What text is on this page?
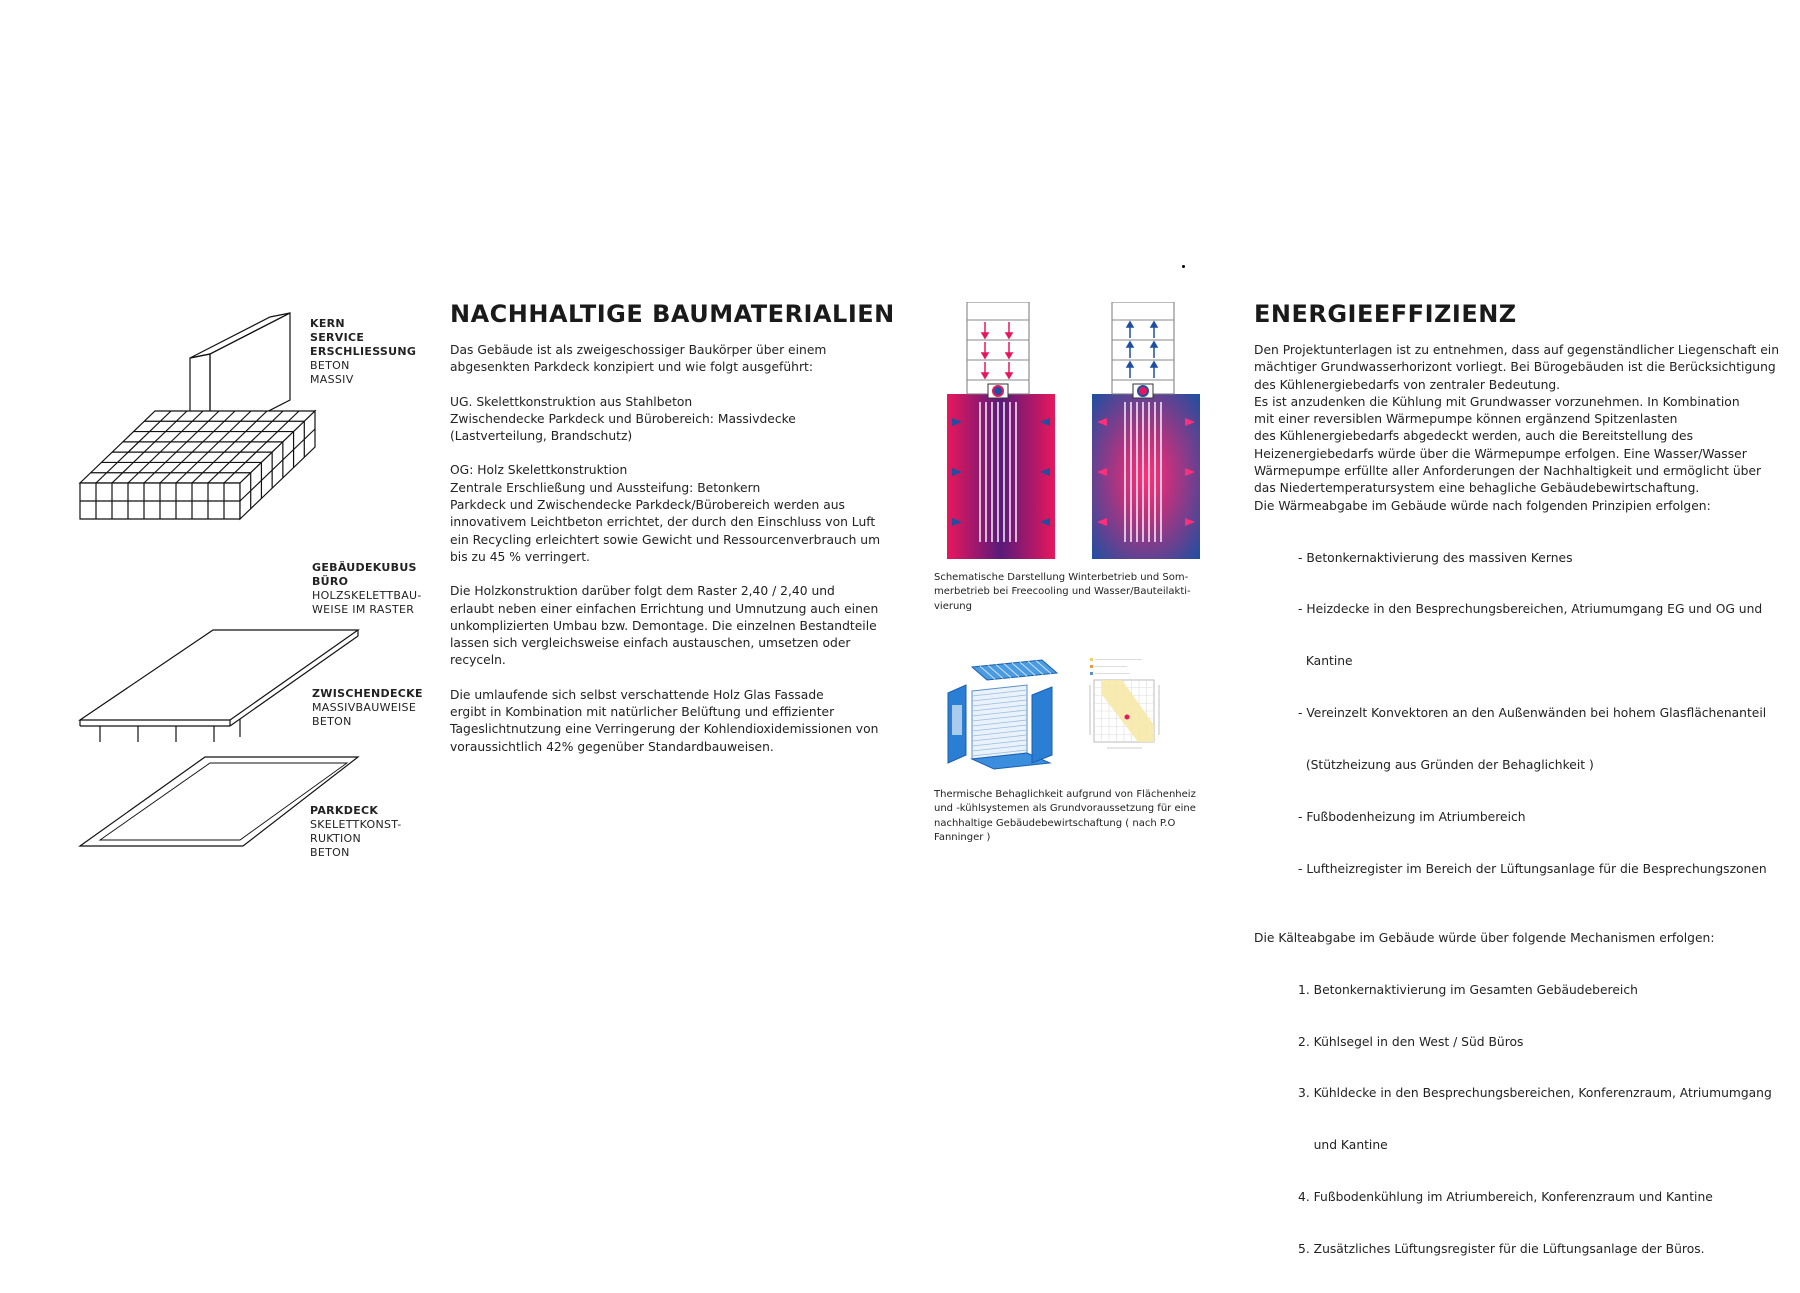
KERN
SERVICE
ERSCHLIESSUNG
BETON
MASSIV
GEBÄUDEKUBUS
BÜRO
HOLZSKELETTBAU-
WEISE IM RASTER
ZWISCHENDECKE
MASSIVBAUWEISE
BETON
PARKDECK
SKELETTKONST-
RUKTION
BETON
NACHHALTIGE BAUMATERIALIEN

Das Gebäude ist als zweigeschossiger Baukörper über einem
abgesenkten Parkdeck konzipiert und wie folgt ausgeführt:

UG. Skelettkonstruktion aus Stahlbeton
Zwischendecke Parkdeck und Bürobereich: Massivdecke
(Lastverteilung, Brandschutz)

OG: Holz Skelettkonstruktion
Zentrale Erschließung und Aussteifung: Betonkern
Parkdeck und Zwischendecke Parkdeck/Bürobereich werden aus
innovativem Leichtbeton errichtet, der durch den Einschluss von Luft
ein Recycling erleichtert sowie Gewicht und Ressourcenverbrauch um
bis zu 45 % verringert.

Die Holzkonstruktion darüber folgt dem Raster 2,40 / 2,40 und
erlaubt neben einer einfachen Errichtung und Umnutzung auch einen
unkomplizierten Umbau bzw. Demontage. Die einzelnen Bestandteile
lassen sich vergleichsweise einfach austauschen, umsetzen oder
recyceln.

Die umlaufende sich selbst verschattende Holz Glas Fassade
ergibt in Kombination mit natürlicher Belüftung und effizienter
Tageslichtnutzung eine Verringerung der Kohlendioxidemissionen von
voraussichtlich 42% gegenüber Standardbauweisen.

Schematische Darstellung Winterbetrieb und Som-
merbetrieb bei Freecooling und Wasser/Bauteilakti-
vierung
Thermische Behaglichkeit aufgrund von Flächenheiz
und -kühlsystemen als Grundvoraussetzung für eine
nachhaltige Gebäudebewirtschaftung ( nach P.O
Fanninger )
ENERGIEEFFIZIENZ
Den Projektunterlagen ist zu entnehmen, dass auf gegenständlicher Liegenschaft ein
mächtiger Grundwasserhorizont vorliegt. Bei Bürogebäuden ist die Berücksichtigung
des Kühlenergiebedarfs von zentraler Bedeutung.
Es ist anzudenken die Kühlung mit Grundwasser vorzunehmen. In Kombination
mit einer reversiblen Wärmepumpe können ergänzend Spitzenlasten
des Kühlenergiebedarfs abgedeckt werden, auch die Bereitstellung des
Heizenergiebedarfs würde über die Wärmepumpe erfolgen. Eine Wasser/Wasser
Wärmepumpe erfüllte aller Anforderungen der Nachhaltigkeit und ermöglicht über
das Niedertemperatursystem eine behagliche Gebäudebewirtschaftung.
Die Wärmeabgabe im Gebäude würde nach folgenden Prinzipien erfolgen:

- Betonkernaktivierung des massiven Kernes

- Heizdecke in den Besprechungsbereichen, Atriumumgang EG und OG und

Kantine

- Vereinzelt Konvektoren an den Außenwänden bei hohem Glasflächenanteil

(Stützheizung aus Gründen der Behaglichkeit )

- Fußbodenheizung im Atriumbereich

- Luftheizregister im Bereich der Lüftungsanlage für die Besprechungszonen

Die Kälteabgabe im Gebäude würde über folgende Mechanismen erfolgen:

1. Betonkernaktivierung im Gesamten Gebäudebereich

2. Kühlsegel in den West / Süd Büros

3. Kühldecke in den Besprechungsbereichen, Konferenzraum, Atriumumgang

und Kantine

4. Fußbodenkühlung im Atriumbereich, Konferenzraum und Kantine

5. Zusätzliches Lüftungsregister für die Lüftungsanlage der Büros.
